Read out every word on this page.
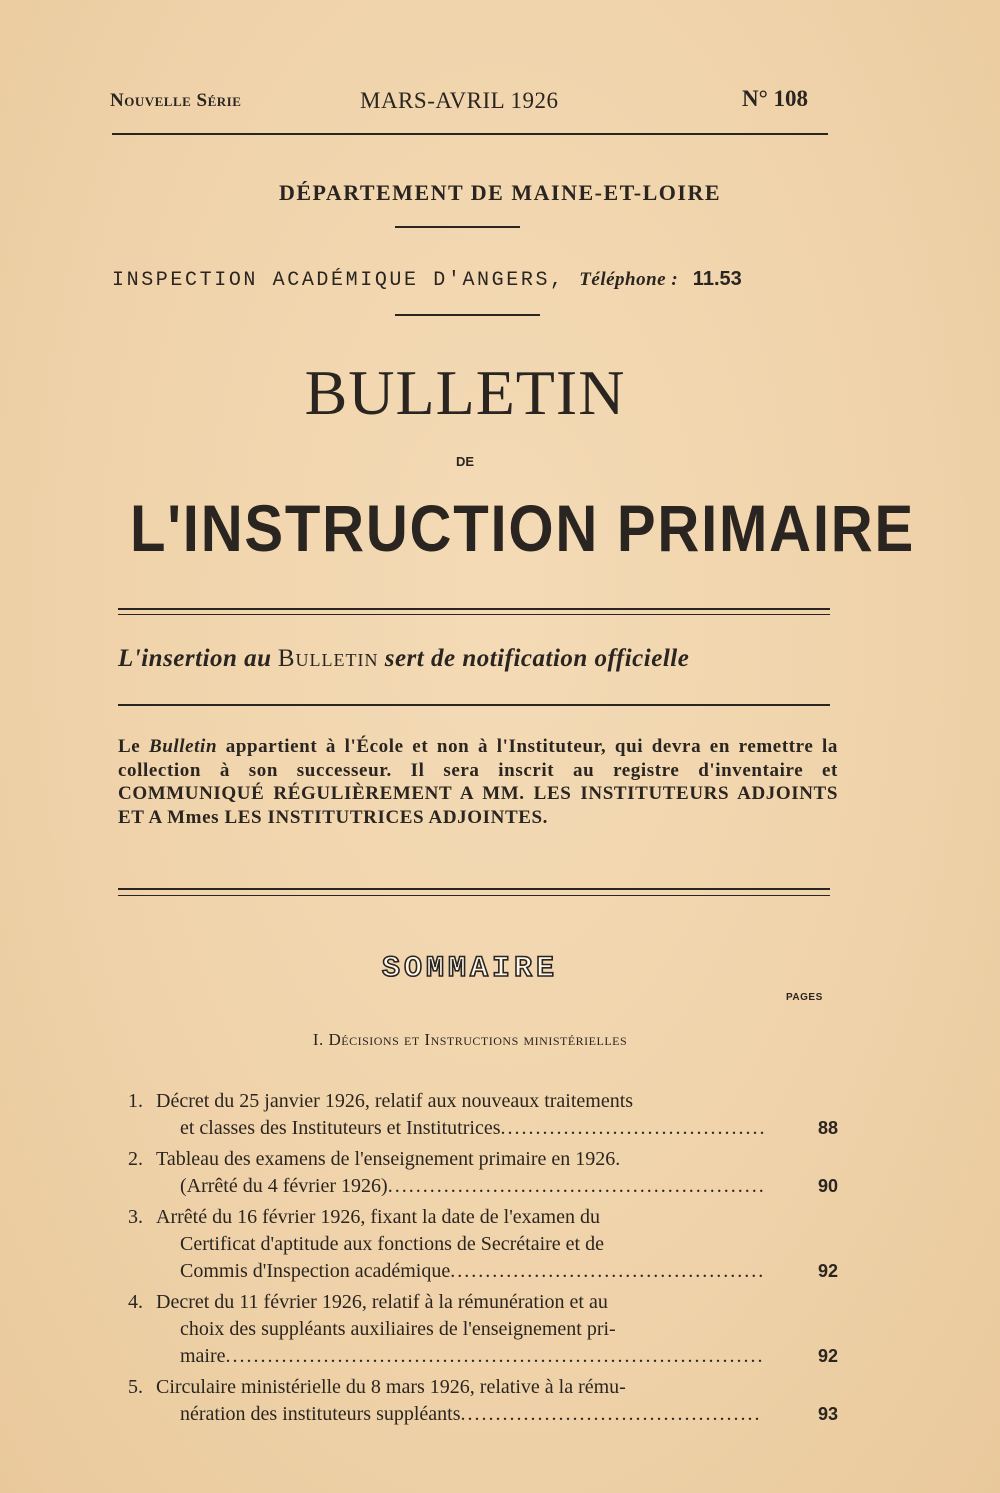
Nouvelle Série	MARS-AVRIL 1926	N° 108
DÉPARTEMENT DE MAINE-ET-LOIRE
INSPECTION ACADÉMIQUE D'ANGERS, Téléphone : 11.53
BULLETIN
DE
L'INSTRUCTION PRIMAIRE
L'insertion au Bulletin sert de notification officielle
Le Bulletin appartient à l'École et non à l'Instituteur, qui devra en remettre la collection à son successeur. Il sera inscrit au registre d'inventaire et COMMUNIQUÉ RÉGULIÈREMENT A MM. LES INSTITUTEURS ADJOINTS ET A Mmes LES INSTITUTRICES ADJOINTES.
SOMMAIRE
PAGES
I. Décisions et Instructions ministérielles
1. Décret du 25 janvier 1926, relatif aux nouveaux traitements
et classes des Instituteurs et Institutrices......................................	88
2. Tableau des examens de l'enseignement primaire en 1926.
(Arrêté du 4 février 1926)......................................................	90
3. Arrêté du 16 février 1926, fixant la date de l'examen du
Certificat d'aptitude aux fonctions de Secrétaire et de
Commis d'Inspection académique.............................................	92
4. Decret du 11 février 1926, relatif à la rémunération et au
choix des suppléants auxiliaires de l'enseignement pri-
maire.............................................................................	92
5. Circulaire ministérielle du 8 mars 1926, relative à la rému-
nération des instituteurs suppléants...........................................	93
